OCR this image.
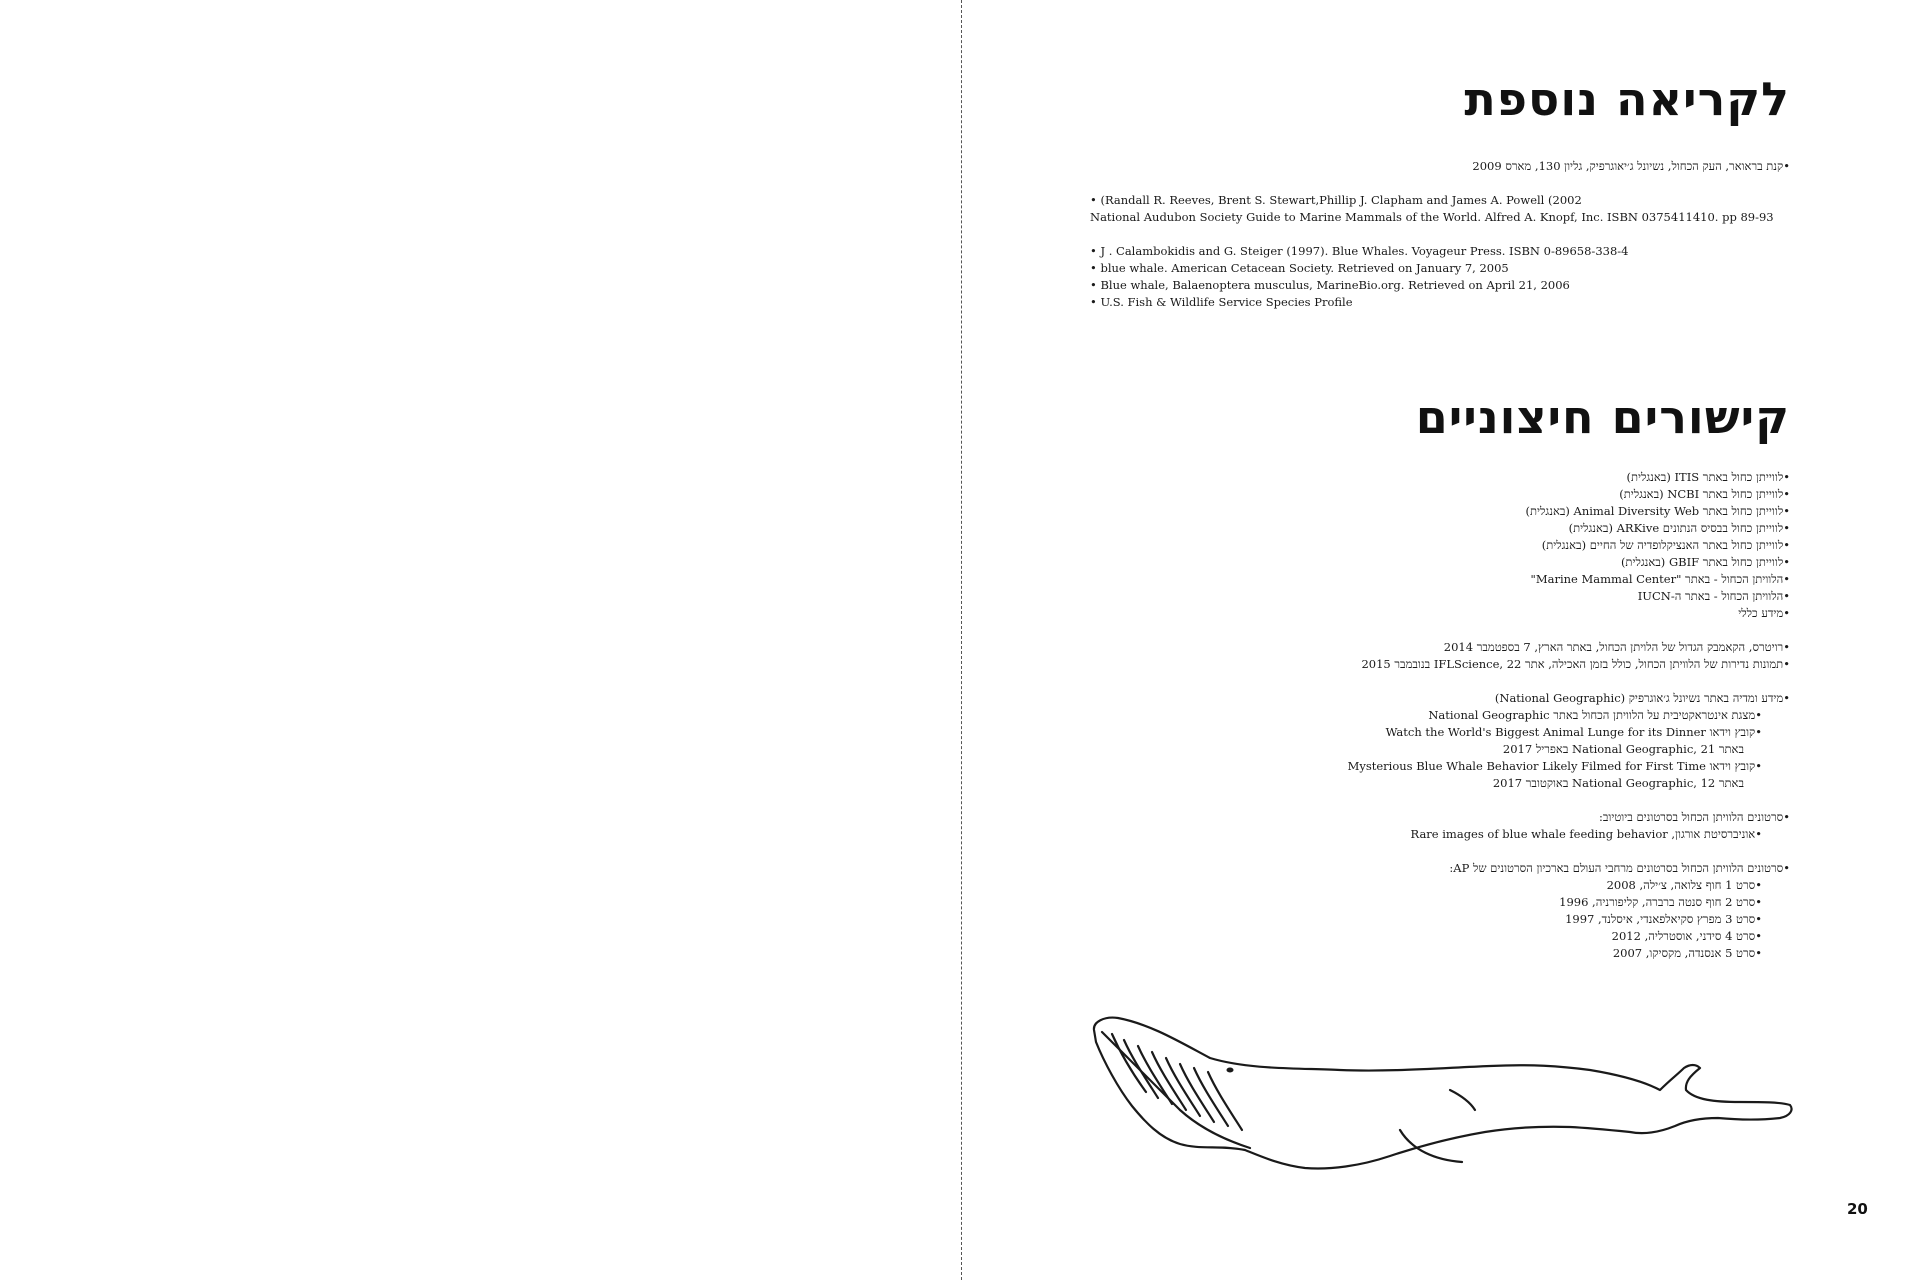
לקריאה נוספת

• קנת בראואר, העק הכחול, נשיונל ג׳יאוגרפיק, גליון 130, מארס 2009

• (Randall R. Reeves, Brent S. Stewart,Phillip J. Clapham and James A. Powell (2002

National Audubon Society Guide to Marine Mammals of the World. Alfred A. Knopf, Inc. ISBN 0375411410. pp 89-93

• J . Calambokidis and G. Steiger (1997). Blue Whales. Voyageur Press. ISBN 0-89658-338-4

• blue whale. American Cetacean Society. Retrieved on January 7, 2005

• Blue whale, Balaenoptera musculus, MarineBio.org. Retrieved on April 21, 2006

• U.S. Fish & Wildlife Service Species Profile

קישורים חיצוניים
• לווייתן כחול באתר ITIS (באנגלית)
• לווייתן כחול באתר NCBI (באנגלית)
• לווייתן כחול באתר Animal Diversity Web (באנגלית)
• לווייתן כחול בבסיס הנתונים ARKive (באנגלית)
• לווייתן כחול באתר האנציקלופדיה של החיים (באנגלית)
• לווייתן כחול באתר GBIF (באנגלית)
• הלוויתן הכחול - באתר "Marine Mammal Center"
• הלוויתן הכחול - באתר ה-IUCN
• מידע כללי
• רויטרס, הקאמבק הגדול של הלויתן הכחול, באתר הארץ, 7 בספטמבר 2014
• תמונות נדירות של הלוויתן הכחול, כולל בזמן האכילה, אתר IFLScience, 22 בנובמבר 2015
• מידע ומדיה באתר נשיונל ג׳אוגרפיק (National Geographic)
• מצגת אינטראקטיבית על הלוויתן הכחול באתר National Geographic
• קובץ וידאו Watch the World's Biggest Animal Lunge for its Dinner
באתר National Geographic, 21 באפריל 2017
• קובץ וידאו Mysterious Blue Whale Behavior Likely Filmed for First Time
באתר National Geographic, 12 באוקטובר 2017
• סרטונים הלוויתן הכחול בסרטונים ביוטיוב:
• אוניברסיטת אורגון, Rare images of blue whale feeding behavior
• סרטונים הלוויתן הכחול בסרטונים מרחבי העולם בארכיון הסרטונים של AP:
• סרט 1 חוף צלואה, צ׳ילה, 2008
• סרט 2 חוף סנטה ברברה, קליפורניה, 1996
• סרט 3 מפרץ סקיאלפאנדי, איסלנד, 1997
• סרט 4 סידני, אוסטרליה, 2012
• סרט 5 אנסנדה, מקסיקו, 2007
20
